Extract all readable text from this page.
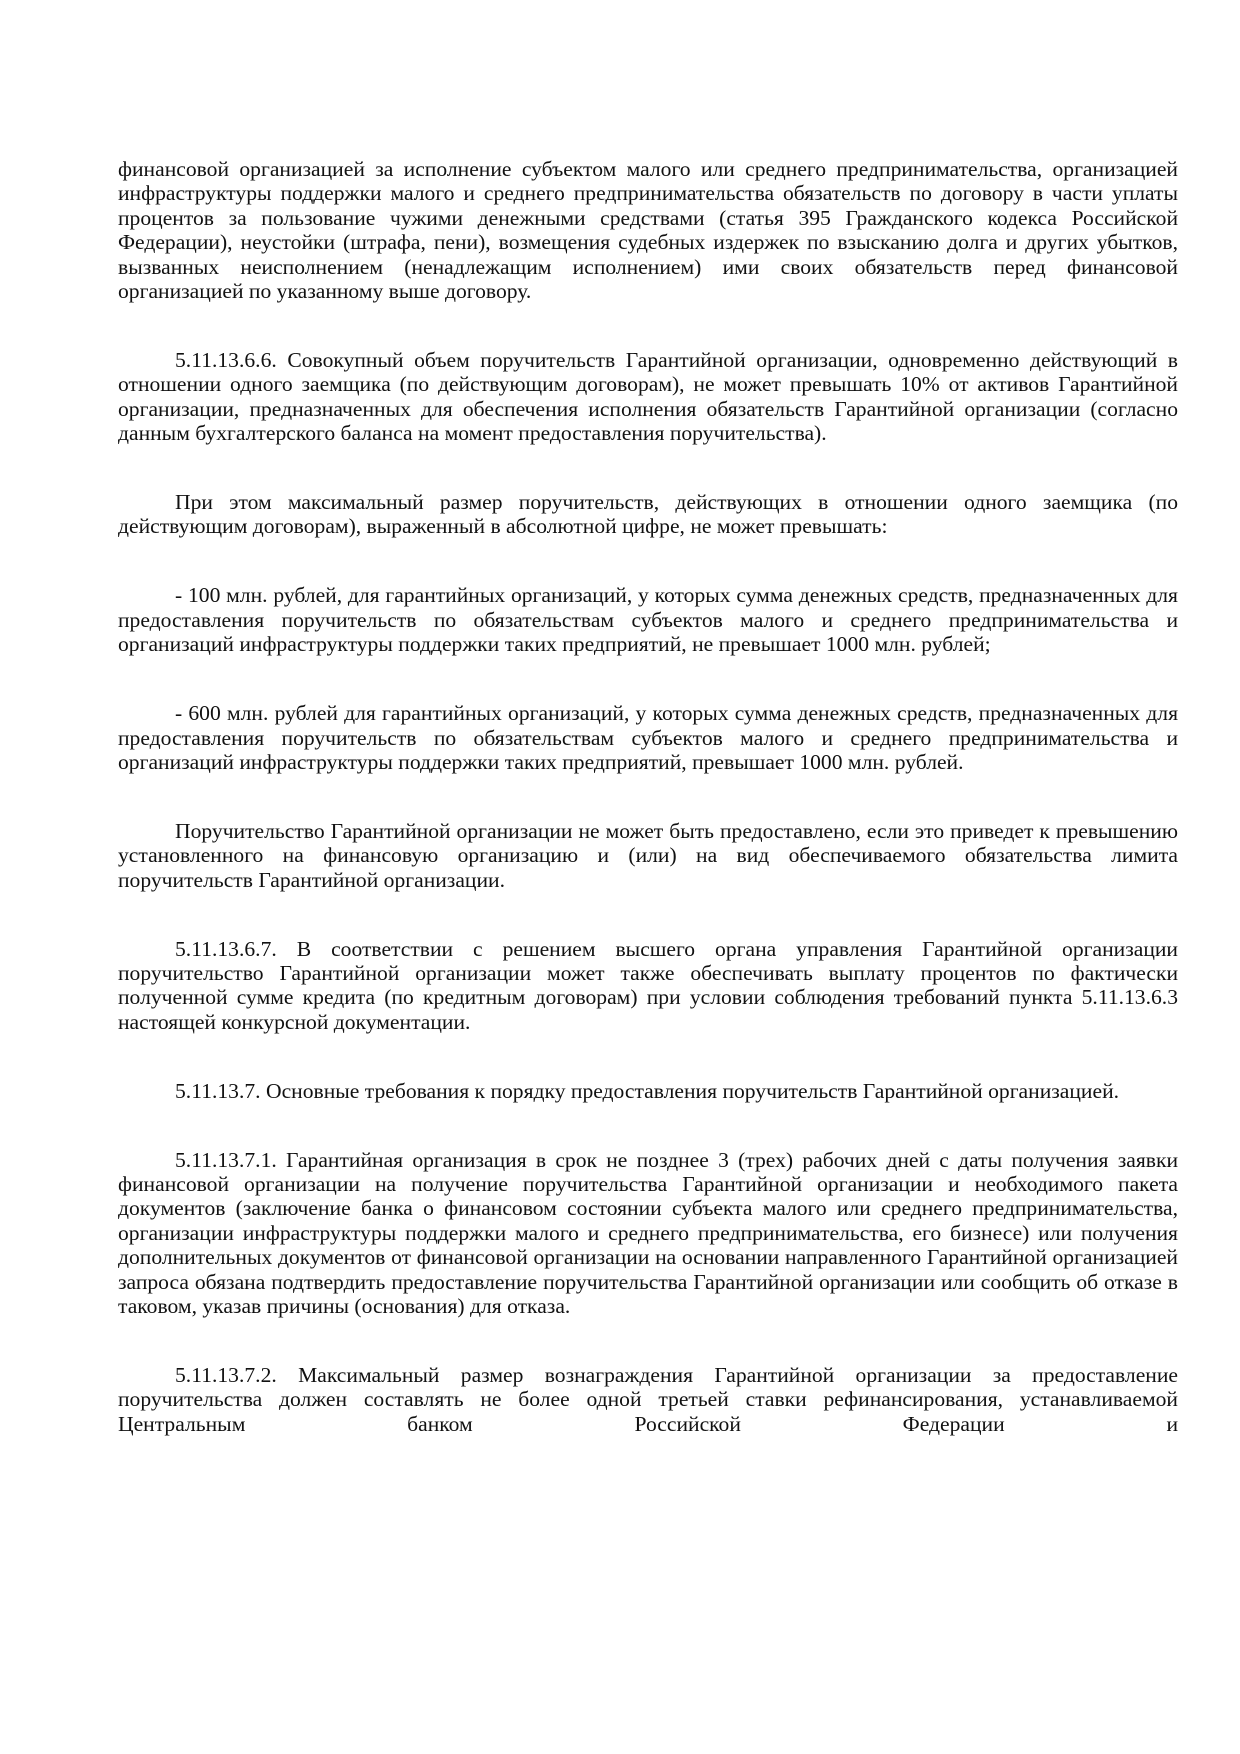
финансовой организацией за исполнение субъектом малого или среднего предпринимательства, организацией инфраструктуры поддержки малого и среднего предпринимательства обязательств по договору в части уплаты процентов за пользование чужими денежными средствами (статья 395 Гражданского кодекса Российской Федерации), неустойки (штрафа, пени), возмещения судебных издержек по взысканию долга и других убытков, вызванных неисполнением (ненадлежащим исполнением) ими своих обязательств перед финансовой организацией по указанному выше договору.

5.11.13.6.6. Совокупный объем поручительств Гарантийной организации, одновременно действующий в отношении одного заемщика (по действующим договорам), не может превышать 10% от активов Гарантийной организации, предназначенных для обеспечения исполнения обязательств Гарантийной организации (согласно данным бухгалтерского баланса на момент предоставления поручительства).

При этом максимальный размер поручительств, действующих в отношении одного заемщика (по действующим договорам), выраженный в абсолютной цифре, не может превышать:

- 100 млн. рублей, для гарантийных организаций, у которых сумма денежных средств, предназначенных для предоставления поручительств по обязательствам субъектов малого и среднего предпринимательства и организаций инфраструктуры поддержки таких предприятий, не превышает 1000 млн. рублей;

- 600 млн. рублей для гарантийных организаций, у которых сумма денежных средств, предназначенных для предоставления поручительств по обязательствам субъектов малого и среднего предпринимательства и организаций инфраструктуры поддержки таких предприятий, превышает 1000 млн. рублей.

Поручительство Гарантийной организации не может быть предоставлено, если это приведет к превышению установленного на финансовую организацию и (или) на вид обеспечиваемого обязательства лимита поручительств Гарантийной организации.

5.11.13.6.7. В соответствии с решением высшего органа управления Гарантийной организации поручительство Гарантийной организации может также обеспечивать выплату процентов по фактически полученной сумме кредита (по кредитным договорам) при условии соблюдения требований пункта 5.11.13.6.3 настоящей конкурсной документации.

5.11.13.7. Основные требования к порядку предоставления поручительств Гарантийной организацией.

5.11.13.7.1. Гарантийная организация в срок не позднее 3 (трех) рабочих дней с даты получения заявки финансовой организации на получение поручительства Гарантийной организации и необходимого пакета документов (заключение банка о финансовом состоянии субъекта малого или среднего предпринимательства, организации инфраструктуры поддержки малого и среднего предпринимательства, его бизнесе) или получения дополнительных документов от финансовой организации на основании направленного Гарантийной организацией запроса обязана подтвердить предоставление поручительства Гарантийной организации или сообщить об отказе в таковом, указав причины (основания) для отказа.

5.11.13.7.2. Максимальный размер вознаграждения Гарантийной организации за предоставление поручительства должен составлять не более одной третьей ставки рефинансирования, устанавливаемой Центральным банком Российской Федерации и
